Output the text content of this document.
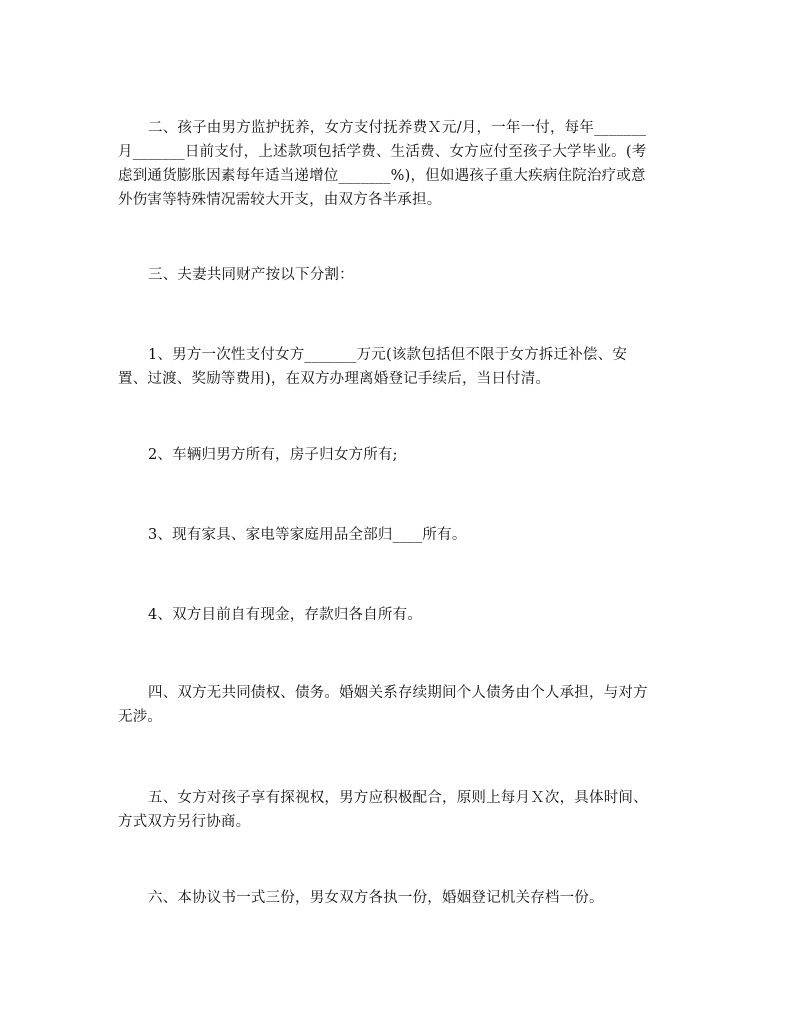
二、孩子由男方监护抚养，女方支付抚养费Ｘ元/月，一年一付，每年_______
月_______日前支付，上述款项包括学费、生活费、女方应付至孩子大学毕业。(考
虑到通货膨胀因素每年适当递增位_______%)，但如遇孩子重大疾病住院治疗或意
外伤害等特殊情况需较大开支，由双方各半承担。

三、夫妻共同财产按以下分割：

1、男方一次性支付女方_______万元(该款包括但不限于女方拆迁补偿、安
置、过渡、奖励等费用)，在双方办理离婚登记手续后，当日付清。

2、车辆归男方所有，房子归女方所有;

3、现有家具、家电等家庭用品全部归____所有。

4、双方目前自有现金，存款归各自所有。

四、双方无共同债权、债务。婚姻关系存续期间个人债务由个人承担，与对方
无涉。

五、女方对孩子享有探视权，男方应积极配合，原则上每月Ｘ次，具体时间、
方式双方另行协商。

六、本协议书一式三份，男女双方各执一份，婚姻登记机关存档一份。
